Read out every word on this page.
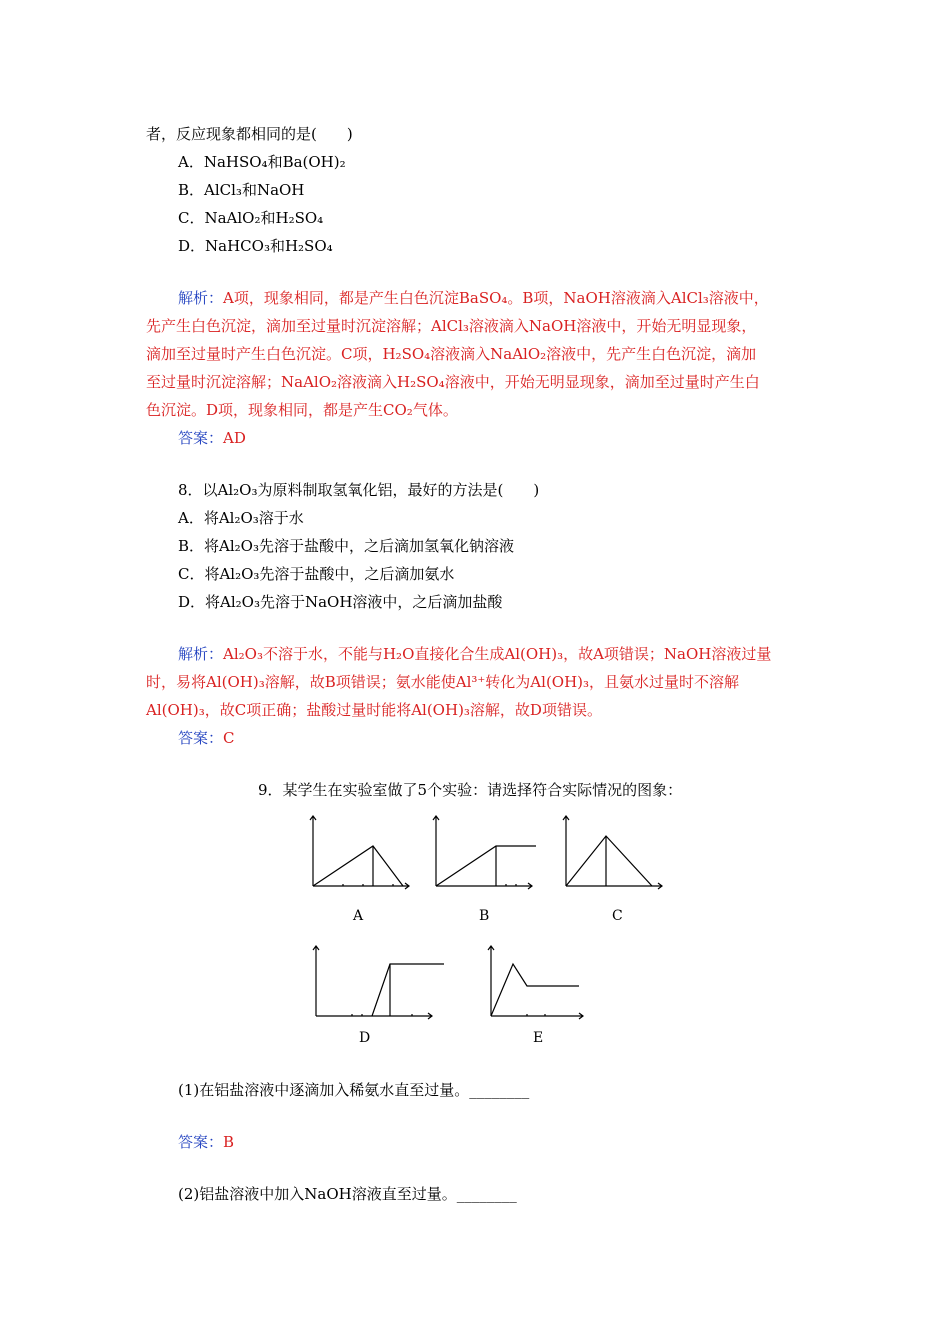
者，反应现象都相同的是(　　)
A．NaHSO₄和Ba(OH)₂
B．AlCl₃和NaOH
C．NaAlO₂和H₂SO₄
D．NaHCO₃和H₂SO₄
解析：A项，现象相同，都是产生白色沉淀BaSO₄。B项，NaOH溶液滴入AlCl₃溶液中，
先产生白色沉淀，滴加至过量时沉淀溶解；AlCl₃溶液滴入NaOH溶液中，开始无明显现象，
滴加至过量时产生白色沉淀。C项，H₂SO₄溶液滴入NaAlO₂溶液中，先产生白色沉淀，滴加
至过量时沉淀溶解；NaAlO₂溶液滴入H₂SO₄溶液中，开始无明显现象，滴加至过量时产生白
色沉淀。D项，现象相同，都是产生CO₂气体。
答案：AD
8．以Al₂O₃为原料制取氢氧化铝，最好的方法是(　　)
A．将Al₂O₃溶于水
B．将Al₂O₃先溶于盐酸中，之后滴加氢氧化钠溶液
C．将Al₂O₃先溶于盐酸中，之后滴加氨水
D．将Al₂O₃先溶于NaOH溶液中，之后滴加盐酸
解析：Al₂O₃不溶于水，不能与H₂O直接化合生成Al(OH)₃，故A项错误；NaOH溶液过量
时，易将Al(OH)₃溶解，故B项错误；氨水能使Al³⁺转化为Al(OH)₃，且氨水过量时不溶解
Al(OH)₃，故C项正确；盐酸过量时能将Al(OH)₃溶解，故D项错误。
答案：C
9．某学生在实验室做了5个实验：请选择符合实际情况的图象：
A	B	C
D	E
(1)在铝盐溶液中逐滴加入稀氨水直至过量。________
答案：B
(2)铝盐溶液中加入NaOH溶液直至过量。________
